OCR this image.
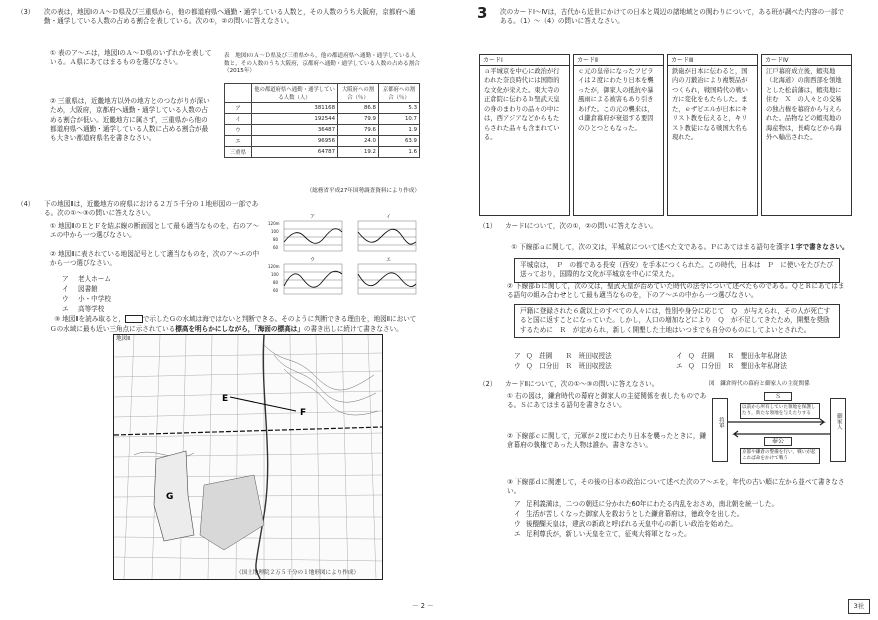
（3） 次の表は，地図ⅠのＡ～Ｄ県及び三重県から，他の都道府県へ通勤・通学している人数と，その人数のうち大阪府，京都府へ通勤・通学している人数の占める割合を表している。次の①，②の問いに答えなさい。
① 表のア～エは，地図ⅠのＡ～Ｄ県のいずれかを表している。Ａ県にあてはまるものを選びなさい。
② 三重県は，近畿地方以外の地方とのつながりが深いため，大阪府，京都府へ通勤・通学している人数の占める割合が低い。近畿地方に属さず，三重県から他の都道府県へ通勤・通学している人数に占める割合が最も大きい都道府県名を書きなさい。
表　地図ⅠのＡ～Ｄ県及び三重県から，他の都道府県へ通勤・通学している人数と，その人数のうち大阪府，京都府へ通勤・通学している人数の占める割合（2015年）
	他の都道府県へ通勤・通学している人数（人）	大阪府への割合（％）	京都府への割合（％）
ア	381168	86.8	5.3
イ	192544	79.9	10.7
ウ	36487	79.6	1.9
エ	96956	24.0	63.9
三重県	64787	19.2	1.6
（総務省平成27年国勢調査資料により作成）
（4） 下の地図Ⅱは，近畿地方の府県における２万５千分の１地形図の一部である。次の①～③の問いに答えなさい。
① 地図ⅡのＥとＦを結ぶ線の断面図として最も適当なものを，右のア～エの中から一つ選びなさい。
② 地図Ⅱに表されている地図記号として適当なものを，次のア～エの中から一つ選びなさい。
ア 老人ホーム
イ 図書館
ウ 小・中学校
エ 高等学校
ア	イ
ウ	エ
120m
100
80
60
120m
100
80
60

③ 地図Ⅱを読み取ると，	で示したＧの水域は海ではないと判断できる。そのように判断できる理由を，地図ⅡにおいてＧの水域に最も近い三角点に示されている標高を明らかにしながら，「海面の標高は」の書き出しに続けて書きなさい。

地図Ⅱ
E
F
G
（国土地理院２万５千分の１地形図により作成）
－ 2 －
3 次のカードⅠ～Ⅳは，古代から近世にかけての日本と周辺の諸地域との関わりについて，ある班が調べた内容の一部である。（1）～（4）の問いに答えなさい。
カードⅠ
ａ平城京を中心に政治が行われた奈良時代には国際的な文化が栄えた。東大寺の正倉院に伝わるｂ聖武天皇の身のまわりの品々の中には，西アジアなどからもたらされた品々も含まれている。
カードⅡ
ｃ元の皇帝になったフビライは２度にわたり日本を襲ったが，御家人の抵抗や暴風雨による被害もあり引きあげた。この元の襲来は，ｄ鎌倉幕府が衰退する要因のひとつともなった。
カードⅢ
鉄砲が日本に伝わると，国内の刀鍛冶により複製品がつくられ，戦国時代の戦い方に変化をもたらした。また，ｅザビエルが日本にキリスト教を伝えると，キリスト教徒になる戦国大名も現れた。
カードⅣ
江戸幕府成立後，蝦夷地（北海道）の南西部を領地とした松前藩は，蝦夷地に住む　Ｘ　の人々との交易の独占権を幕府から与えられた。品物などの蝦夷地の海産物は，長崎などから海外へ輸出された。
（1） カードⅠについて，次の①，②の問いに答えなさい。

① 下線部ａに関して，次の文は，平城京について述べた文である。Ｐにあてはまる語句を漢字１字で書きなさい。

平城京は，　Ｐ　の都である長安（西安）を手本につくられた。この時代，日本は　Ｐ　に使いをたびたび送っており，国際的な文化が平城京を中心に栄えた。
② 下線部ｂに関して，次の文は，聖武天皇が治めていた時代の法令について述べたものである。ＱとＲにあてはまる語句の組み合わせとして最も適当なものを，下のア～エの中から一つ選びなさい。
戸籍に登録された６歳以上のすべての人々には，性別や身分に応じて　Ｑ　が与えられ，その人が死亡すると国に返すことになっていた。しかし，人口の増加などにより　Ｑ　が不足してきたため，開墾を奨励するために　Ｒ　が定められ，新しく開墾した土地はいつまでも自分のものにしてよいとされた。
ア Ｑ　荘園　　Ｒ　班田収授法	イ Ｑ　荘園　　Ｒ　墾田永年私財法
ウ Ｑ　口分田　Ｒ　班田収授法	エ Ｑ　口分田　Ｒ　墾田永年私財法
（2） カードⅡについて，次の①～③の問いに答えなさい。
① 右の図は，鎌倉時代の幕府と御家人の主従関係を表したものである。Ｓにあてはまる語句を書きなさい。
② 下線部ｃに関して，元軍が２度にわたり日本を襲ったときに，鎌倉幕府の執権であった人物は誰か。書きなさい。
③ 下線部ｄに関連して，その後の日本の政治について述べた次のア～エを，年代の古い順に左から並べて書きなさい。
図　鎌倉時代の幕府と御家人の主従関係
将軍	御家人
Ｓ
以前から所有していた領地を保護したり，新たな領地を与えたりする
奉公
京都や鎌倉の警備を行い，戦いが起これば命をかけて戦う
ア 足利義満は，二つの朝廷に分かれた60年にわたる内乱をおさめ，南北朝を統一した。
イ 生活が苦しくなった御家人を救おうとした鎌倉幕府は，徳政令を出した。
ウ 後醍醐天皇は，建武の新政と呼ばれる天皇中心の新しい政治を始めた。
エ 足利尊氏が，新しい天皇を立て，征夷大将軍となった。
3社
